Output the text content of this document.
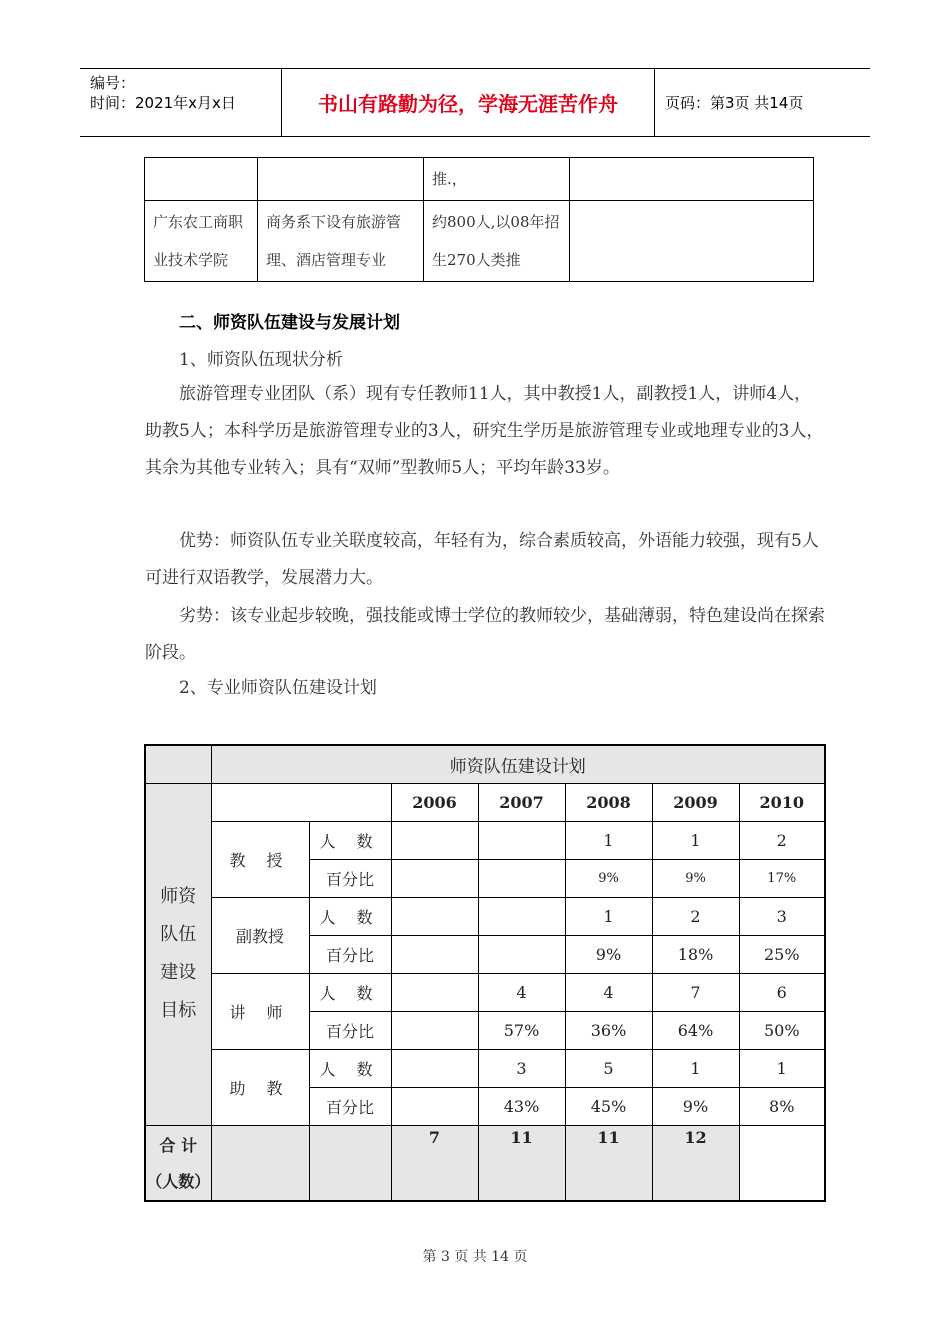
编号：
时间：2021年x月x日	书山有路勤为径，学海无涯苦作舟	页码：第3页 共14页
		推.，	
广东农工商职业技术学院	商务系下设有旅游管理、酒店管理专业	约800人,以08年招生270人类推	

二、师资队伍建设与发展计划

1、师资队伍现状分析

旅游管理专业团队（系）现有专任教师11人，其中教授1人，副教授1人，讲师4人，助教5人；本科学历是旅游管理专业的3人，研究生学历是旅游管理专业或地理专业的3人，其余为其他专业转入；具有“双师”型教师5人；平均年龄33岁。

优势：师资队伍专业关联度较高，年轻有为，综合素质较高，外语能力较强，现有5人可进行双语教学，发展潜力大。

劣势：该专业起步较晚，强技能或博士学位的教师较少，基础薄弱，特色建设尚在探索阶段。

2、专业师资队伍建设计划

	师资队伍建设计划						

师资
队伍
建设
目标			2006	2007	2008	2009	2010
	教 授	人 数			1	1	2
		百分比			9%	9%	17%
	副教授	人 数			1	2	3
		百分比			9%	18%	25%
	讲 师	人 数		4	4	7	6
		百分比		57%	36%	64%	50%
	助 教	人 数		3	5	1	1
		百分比		43%	45%	9%	8%

合 计
（人数）			7	11	11	12	
第 3 页 共 14 页
